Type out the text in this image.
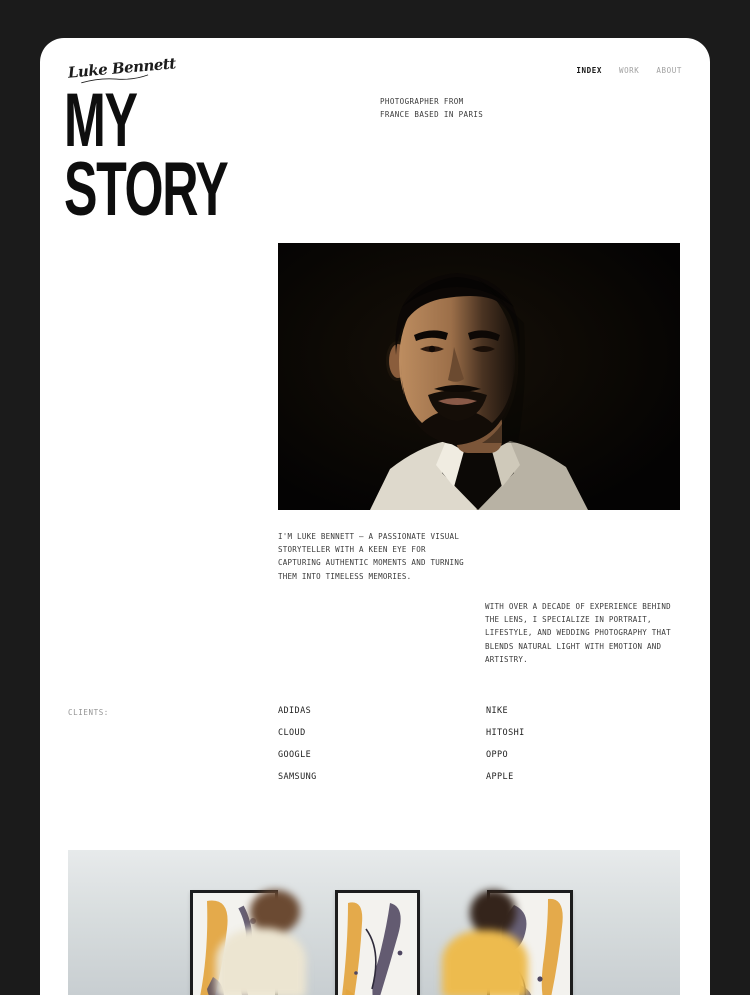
Luke Bennett	INDEX WORK ABOUT
MY
STORY
PHOTOGRAPHER FROM
FRANCE BASED IN PARIS

I'M LUKE BENNETT — A PASSIONATE VISUAL STORYTELLER WITH A KEEN EYE FOR CAPTURING AUTHENTIC MOMENTS AND TURNING THEM INTO TIMELESS MEMORIES.

WITH OVER A DECADE OF EXPERIENCE BEHIND THE LENS, I SPECIALIZE IN PORTRAIT, LIFESTYLE, AND WEDDING PHOTOGRAPHY THAT BLENDS NATURAL LIGHT WITH EMOTION AND ARTISTRY.

CLIENTS:	ADIDAS
CLOUD
GOOGLE
SAMSUNG
NIKE
HITOSHI
OPPO
APPLE
